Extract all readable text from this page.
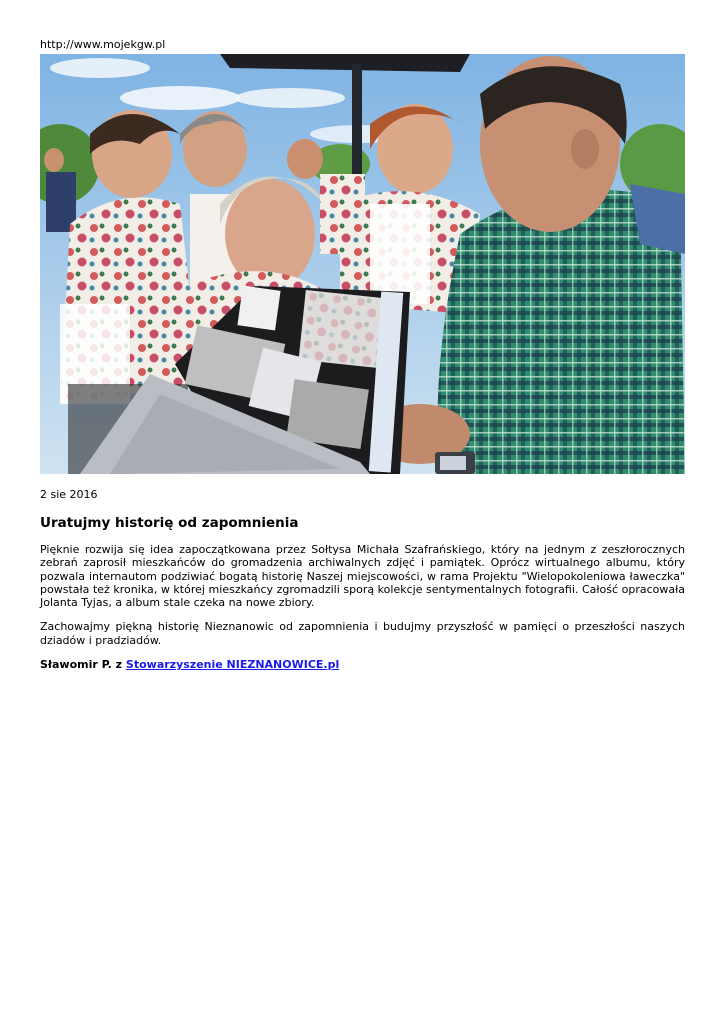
http://www.mojekgw.pl

2 sie 2016
Uratujmy historię od zapomnienia

Pięknie rozwija się idea zapoczątkowana przez Sołtysa Michała Szafrańskiego, który na jednym z zeszłorocznych zebrań zaprosił mieszkańców do gromadzenia archiwalnych zdjęć i pamiątek. Oprócz wirtualnego albumu, który pozwala internautom podziwiać bogatą historię Naszej miejscowości, w rama Projektu "Wielopokoleniowa ławeczka" powstała też kronika, w której mieszkańcy zgromadzili sporą kolekcje sentymentalnych fotografii. Całość opracowała Jolanta Tyjas, a album stale czeka na nowe zbiory.

Zachowajmy piękną historię Nieznanowic od zapomnienia i budujmy przyszłość w pamięci o przeszłości naszych dziadów i pradziadów.

Sławomir P. z Stowarzyszenie NIEZNANOWICE.pl
